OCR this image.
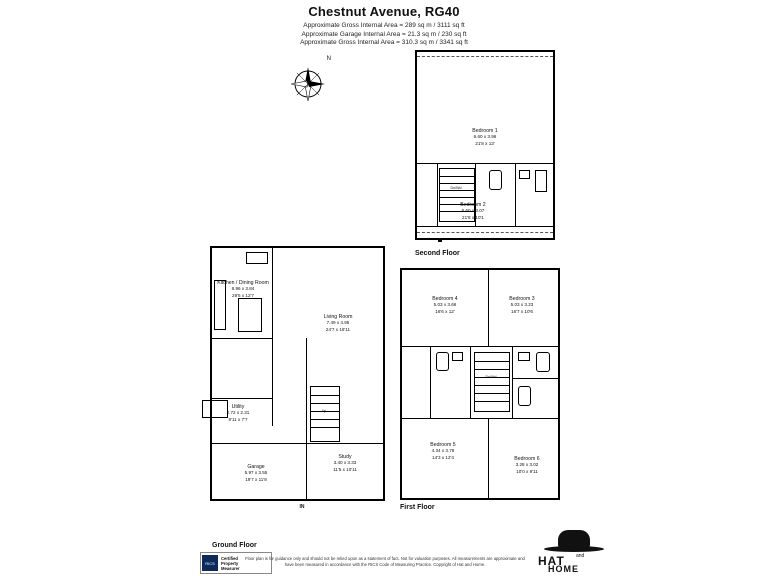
Chestnut Avenue, RG40
Approximate Gross Internal Area = 289 sq m / 3111 sq ft
Approximate Garage Internal Area = 21.3 sq m / 230 sq ft
Approximate Gross Internal Area = 310.3 sq m / 3341 sq ft
N
Dn/Wd
Bedroom 1
6.60 x 3.96
21'8 x 13'
Bedroom 2
6.60 x 3.07
21'8 x 10'1
Second Floor
Dn/Wd
Bedroom 4
5.03 x 3.66
16'6 x 12'
Bedroom 3
5.03 x 3.23
16'7 x 10'6
Bedroom 5
4.34 x 3.78
14'3 x 12'4	Bedroom 6
3.28 x 3.02
10'0 x 9'11
First Floor
Up
Kitchen / Dining Room
8.96 x 3.84
29'5 x 12'7
Living Room
7.49 x 4.95
24'7 x 16'11
Utility
2.72 x 2.31
8'11 x 7'7
Study
3.40 x 3.33
11'5 x 10'11
Garage
5.97 x 3.55
19'7 x 11'8
IN
Ground Floor
RICS
Certified
Property
Measurer
Floor plan is for guidance only and should not be relied upon as a statement of fact. Not for valuation purposes. All measurements are approximate and have been measured in accordance with the RICS Code of Measuring Practice. Copyright of Hat and Home.	HAT and
HOME
